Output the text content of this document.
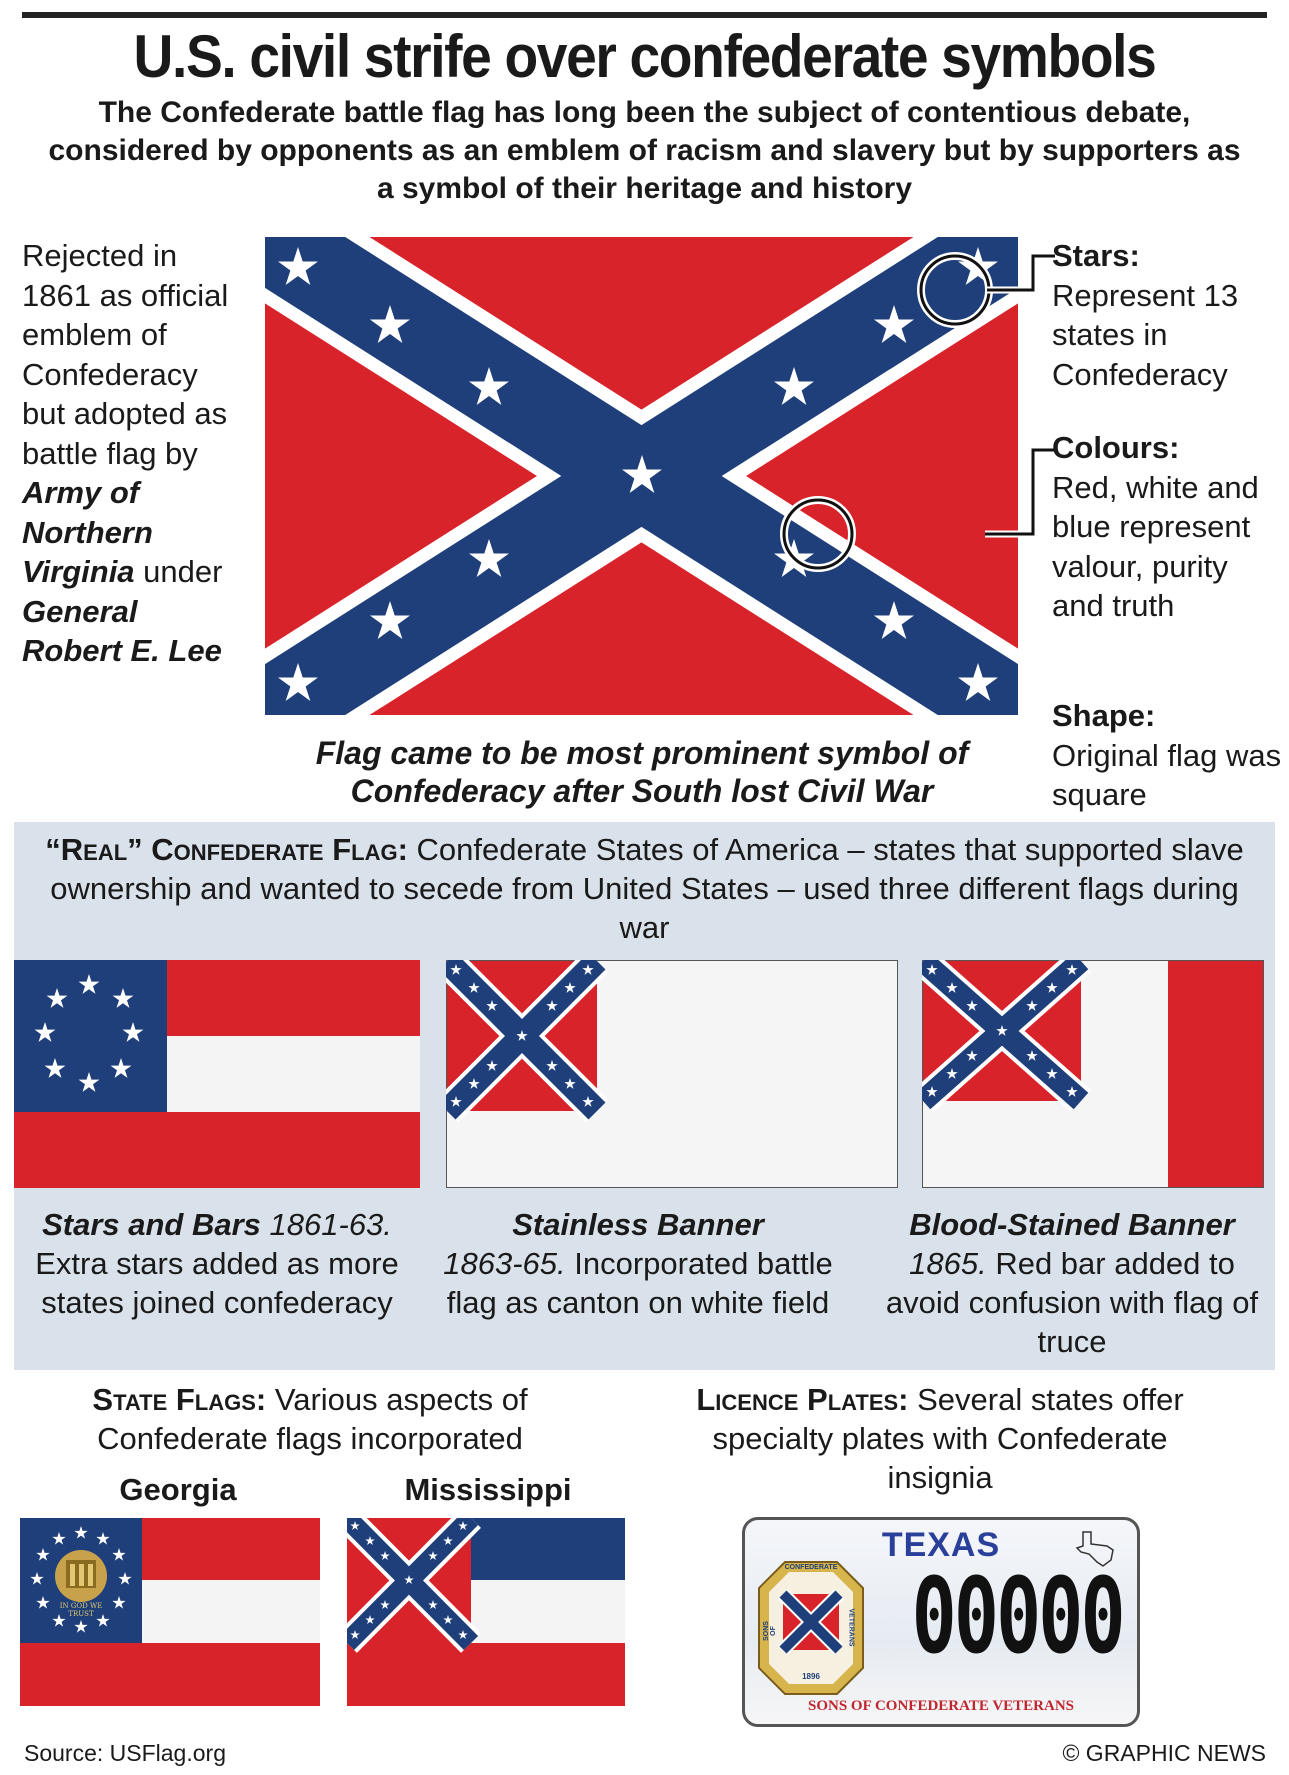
U.S. civil strife over confederate symbols
The Confederate battle flag has long been the subject of contentious debate, considered by opponents as an emblem of racism and slavery but by supporters as a symbol of their heritage and history
Rejected in 1861 as official emblem of Confederacy but adopted as battle flag by Army of Northern Virginia under General Robert E. Lee
Stars:
Represent 13 states in Confederacy
Colours:
Red, white and blue represent valour, purity and truth
Shape:
Original flag was square
Flag came to be most prominent symbol of Confederacy after South lost Civil War
“Real” Confederate Flag: Confederate States of America – states that supported slave ownership and wanted to secede from United States – used three different flags during war
Stars and Bars 1861-63. Extra stars added as more states joined confederacy
Stainless Banner
1863-65. Incorporated battle flag as canton on white field
Blood-Stained Banner
1865. Red bar added to avoid confusion with flag of truce
State Flags: Various aspects of Confederate flags incorporated
Georgia	Mississippi
IN GOD WE TRUST
Licence Plates: Several states offer specialty plates with Confederate insignia
TEXAS
00000
CONFEDERATE
SONS OF	VETERANS
1896
SONS OF CONFEDERATE VETERANS
Source: USFlag.org	© GRAPHIC NEWS
